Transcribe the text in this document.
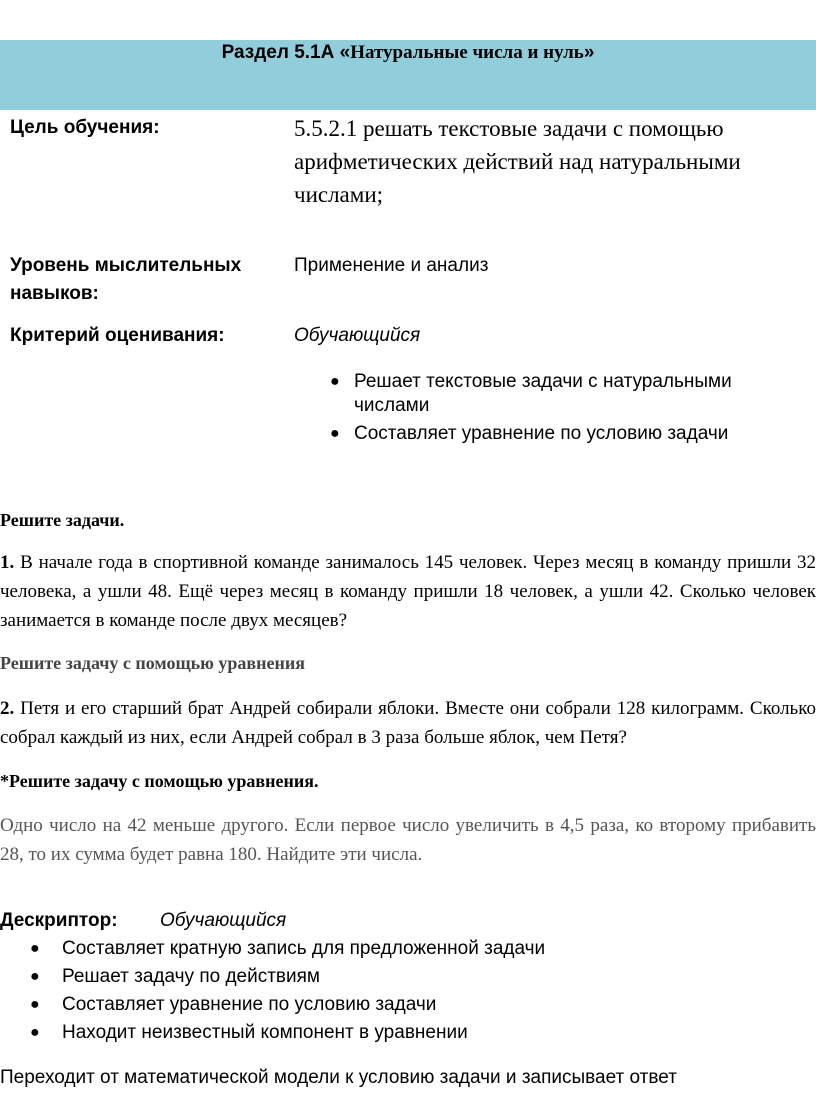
Раздел 5.1А «Натуральные числа и нуль»
Цель обучения:	5.5.2.1 решать текстовые задачи с помощью арифметических действий над натуральными числами;
Уровень мыслительных навыков:
Применение и анализ
Критерий оценивания:	Обучающийся
● Решает текстовые задачи с натуральными числами
● Составляет уравнение по условию задачи
Решите задачи.
1. В начале года в спортивной команде занималось 145 человек. Через месяц в команду пришли 32 человека, а ушли 48. Ещё через месяц в команду пришли 18 человек, а ушли 42. Сколько человек занимается в команде после двух месяцев?
Решите задачу с помощью уравнения
2. Петя и его старший брат Андрей собирали яблоки. Вместе они собрали 128 килограмм. Сколько собрал каждый из них, если Андрей собрал в 3 раза больше яблок, чем Петя?
*Решите задачу с помощью уравнения.
Одно число на 42 меньше другого. Если первое число увеличить в 4,5 раза, ко второму прибавить 28, то их сумма будет равна 180. Найдите эти числа.
Дескриптор: Обучающийся
● Составляет кратную запись для предложенной задачи
● Решает задачу по действиям
● Составляет уравнение по условию задачи
● Находит неизвестный компонент в уравнении
Переходит от математической модели к условию задачи и записывает ответ
